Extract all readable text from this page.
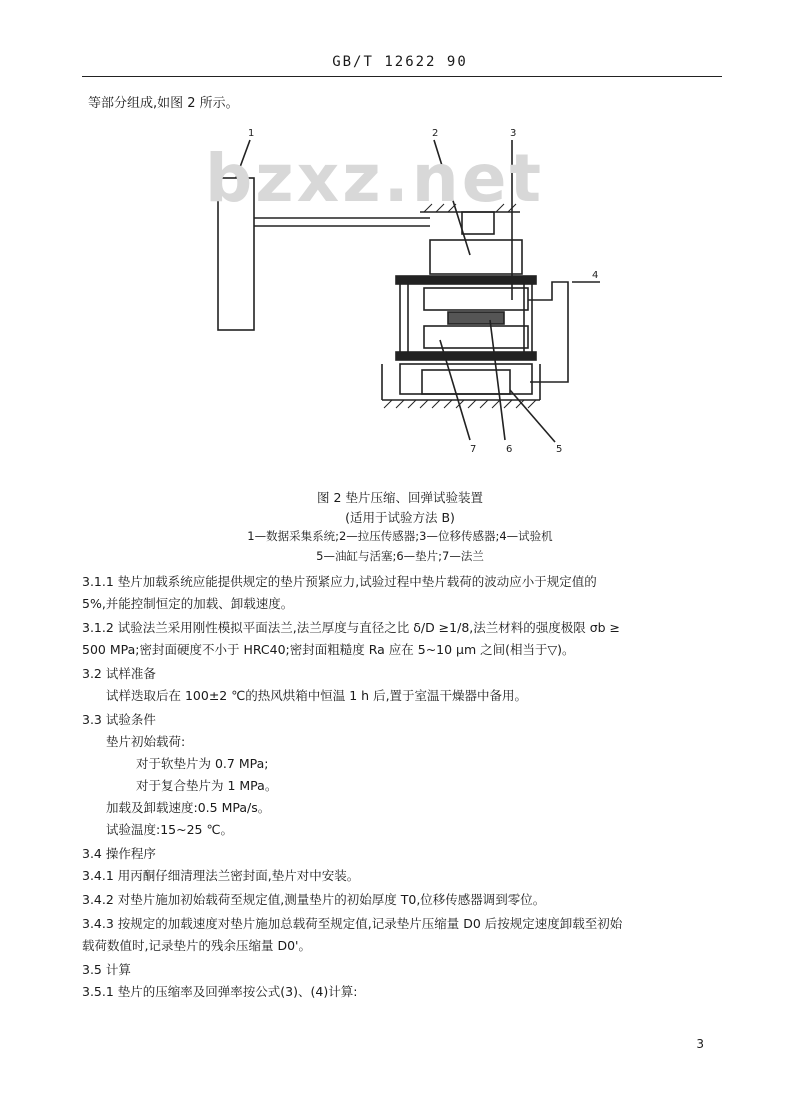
GB/T 12622 90
等部分组成,如图 2 所示。
1	2	3
4
5
6
7
bzxz.net
图 2 垫片压缩、回弹试验装置
(适用于试验方法 B)
1—数据采集系统;2—拉压传感器;3—位移传感器;4—试验机
5—油缸与活塞;6—垫片;7—法兰
3.1.1 垫片加载系统应能提供规定的垫片预紧应力,试验过程中垫片载荷的波动应小于规定值的
5%,并能控制恒定的加载、卸载速度。
3.1.2 试验法兰采用刚性模拟平面法兰,法兰厚度与直径之比 δ/D ≥1/8,法兰材料的强度极限 σb ≥
500 MPa;密封面硬度不小于 HRC40;密封面粗糙度 Ra 应在 5~10 μm 之间(相当于▽)。
3.2 试样准备
试样迭取后在 100±2 ℃的热风烘箱中恒温 1 h 后,置于室温干燥器中备用。
3.3 试验条件
垫片初始载荷:
对于软垫片为 0.7 MPa;
对于复合垫片为 1 MPa。
加载及卸载速度:0.5 MPa/s。
试验温度:15~25 ℃。
3.4 操作程序
3.4.1 用丙酮仔细清理法兰密封面,垫片对中安装。
3.4.2 对垫片施加初始载荷至规定值,测量垫片的初始厚度 T0,位移传感器调到零位。
3.4.3 按规定的加载速度对垫片施加总载荷至规定值,记录垫片压缩量 D0 后按规定速度卸载至初始
载荷数值时,记录垫片的残余压缩量 D0'。
3.5 计算
3.5.1 垫片的压缩率及回弹率按公式(3)、(4)计算:
3
